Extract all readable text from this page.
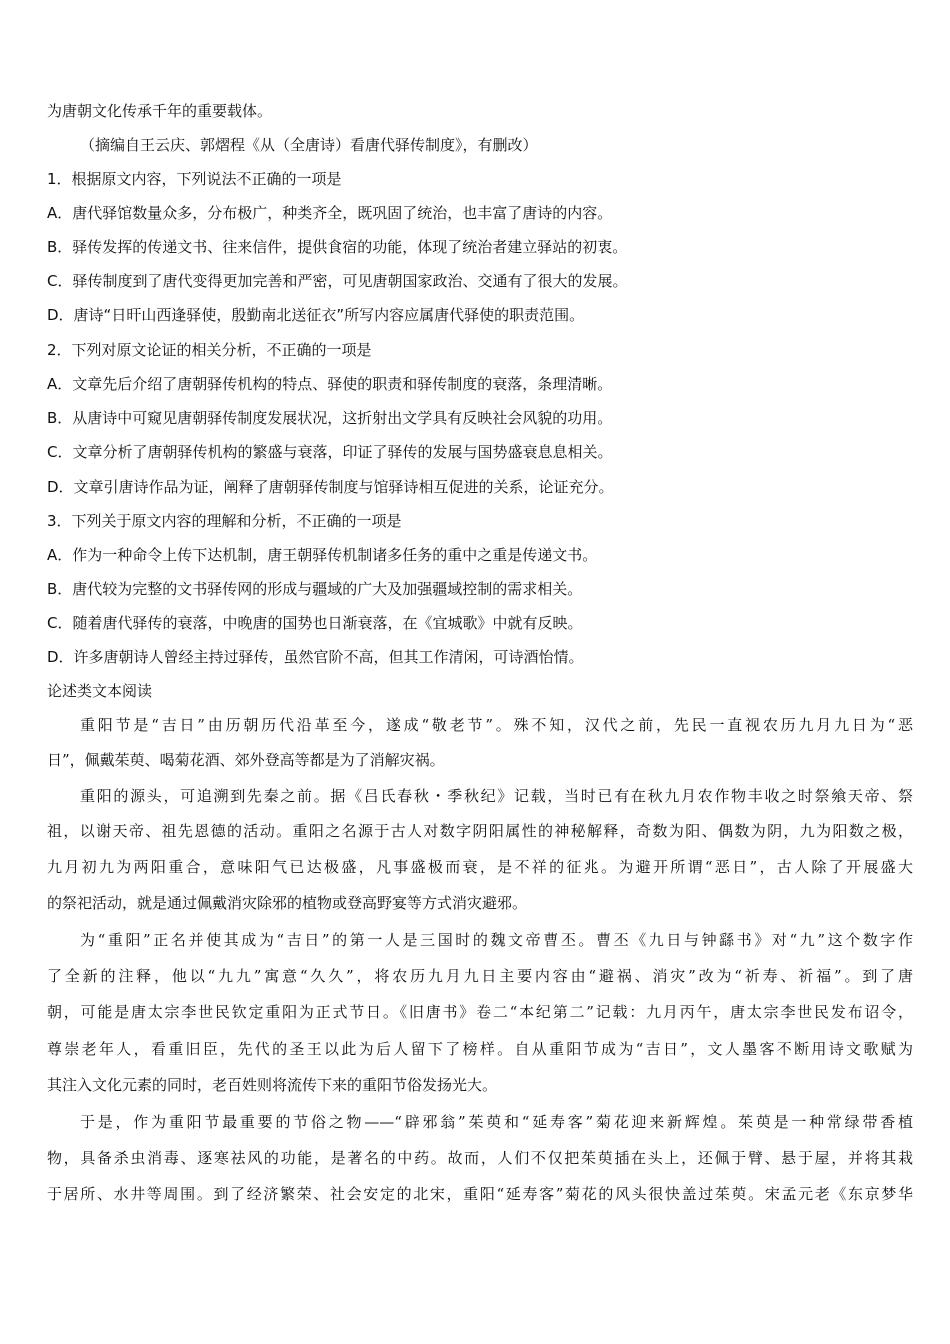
为唐朝文化传承千年的重要载体。
（摘编自王云庆、郭熠程《从（全唐诗）看唐代驿传制度》，有删改）
1．根据原文内容，下列说法不正确的一项是
A．唐代驿馆数量众多，分布极广，种类齐全，既巩固了统治，也丰富了唐诗的内容。
B．驿传发挥的传递文书、往来信件，提供食宿的功能，体现了统治者建立驿站的初衷。
C．驿传制度到了唐代变得更加完善和严密，可见唐朝国家政治、交通有了很大的发展。
D．唐诗“日旰山西逢驿使，殷勤南北送征衣”所写内容应属唐代驿使的职责范围。
2．下列对原文论证的相关分析，不正确的一项是
A．文章先后介绍了唐朝驿传机构的特点、驿使的职责和驿传制度的衰落，条理清晰。
B．从唐诗中可窥见唐朝驿传制度发展状况，这折射出文学具有反映社会风貌的功用。
C．文章分析了唐朝驿传机构的繁盛与衰落，印证了驿传的发展与国势盛衰息息相关。
D．文章引唐诗作品为证，阐释了唐朝驿传制度与馆驿诗相互促进的关系，论证充分。
3．下列关于原文内容的理解和分析，不正确的一项是
A．作为一种命令上传下达机制，唐王朝驿传机制诸多任务的重中之重是传递文书。
B．唐代较为完整的文书驿传网的形成与疆域的广大及加强疆域控制的需求相关。
C．随着唐代驿传的衰落，中晚唐的国势也日渐衰落，在《宜城歌》中就有反映。
D．许多唐朝诗人曾经主持过驿传，虽然官阶不高，但其工作清闲，可诗酒怡情。
论述类文本阅读
重阳节是“吉日”由历朝历代沿革至今，遂成“敬老节”。殊不知，汉代之前，先民一直视农历九月九日为“恶
日”，佩戴茱萸、喝菊花酒、郊外登高等都是为了消解灾祸。
重阳的源头，可追溯到先秦之前。据《吕氏春秋・季秋纪》记载，当时已有在秋九月农作物丰收之时祭飨天帝、祭
祖，以谢天帝、祖先恩德的活动。重阳之名源于古人对数字阴阳属性的神秘解释，奇数为阳、偶数为阴，九为阳数之极，
九月初九为两阳重合，意味阳气已达极盛，凡事盛极而衰，是不祥的征兆。为避开所谓“恶日”，古人除了开展盛大
的祭祀活动，就是通过佩戴消灾除邪的植物或登高野宴等方式消灾避邪。
为“重阳”正名并使其成为“吉日”的第一人是三国时的魏文帝曹丕。曹丕《九日与钟繇书》对“九”这个数字作
了全新的注释，他以“九九”寓意“久久”，将农历九月九日主要内容由“避祸、消灾”改为“祈寿、祈福”。到了唐
朝，可能是唐太宗李世民钦定重阳为正式节日。《旧唐书》卷二“本纪第二”记载：九月丙午，唐太宗李世民发布诏令，
尊崇老年人，看重旧臣，先代的圣王以此为后人留下了榜样。自从重阳节成为“吉日”，文人墨客不断用诗文歌赋为
其注入文化元素的同时，老百姓则将流传下来的重阳节俗发扬光大。
于是，作为重阳节最重要的节俗之物——“辟邪翁”茱萸和“延寿客”菊花迎来新辉煌。茱萸是一种常绿带香植
物，具备杀虫消毒、逐寒祛风的功能，是著名的中药。故而，人们不仅把茱萸插在头上，还佩于臂、悬于屋，并将其栽
于居所、水井等周围。到了经济繁荣、社会安定的北宋，重阳“延寿客”菊花的风头很快盖过茱萸。宋孟元老《东京梦华
